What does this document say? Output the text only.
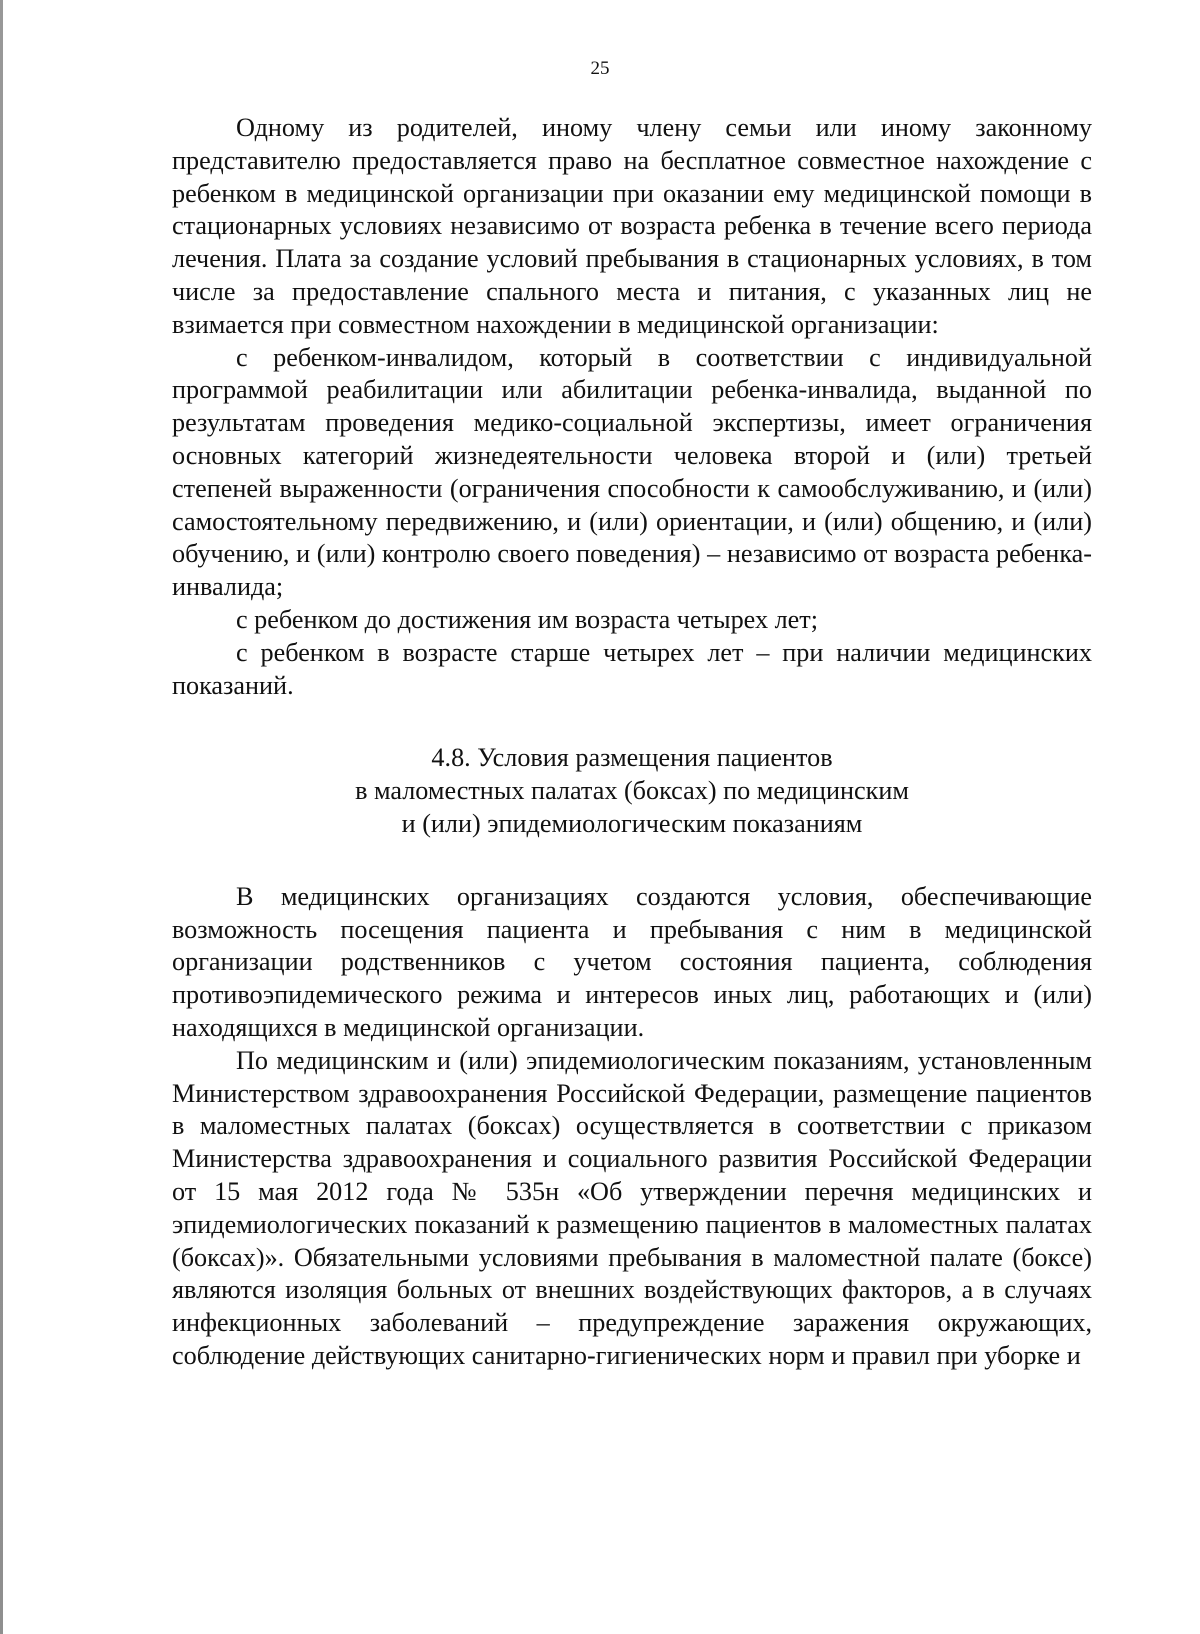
25

Одному из родителей, иному члену семьи или иному законному представителю предоставляется право на бесплатное совместное нахождение с ребенком в медицинской организации при оказании ему медицинской помощи в стационарных условиях независимо от возраста ребенка в течение всего периода лечения. Плата за создание условий пребывания в стационарных условиях, в том числе за предоставление спального места и питания, с указанных лиц не взимается при совместном нахождении в медицинской организации:

с ребенком-инвалидом, который в соответствии с индивидуальной программой реабилитации или абилитации ребенка-инвалида, выданной по результатам проведения медико-социальной экспертизы, имеет ограничения основных категорий жизнедеятельности человека второй и (или) третьей степеней выраженности (ограничения способности к самообслуживанию, и (или) самостоятельному передвижению, и (или) ориентации, и (или) общению, и (или) обучению, и (или) контролю своего поведения) – независимо от возраста ребенка-инвалида;

с ребенком до достижения им возраста четырех лет;

с ребенком в возрасте старше четырех лет – при наличии медицинских показаний.

4.8. Условия размещения пациентов
в маломестных палатах (боксах) по медицинским
и (или) эпидемиологическим показаниям

В медицинских организациях создаются условия, обеспечивающие возможность посещения пациента и пребывания с ним в медицинской организации родственников с учетом состояния пациента, соблюдения противоэпидемического режима и интересов иных лиц, работающих и (или) находящихся в медицинской организации.

По медицинским и (или) эпидемиологическим показаниям, установленным Министерством здравоохранения Российской Федерации, размещение пациентов в маломестных палатах (боксах) осуществляется в соответствии с приказом Министерства здравоохранения и социального развития Российской Федерации от 15 мая 2012 года № 535н «Об утверждении перечня медицинских и эпидемиологических показаний к размещению пациентов в маломестных палатах (боксах)». Обязательными условиями пребывания в маломестной палате (боксе) являются изоляция больных от внешних воздействующих факторов, а в случаях инфекционных заболеваний – предупреждение заражения окружающих, соблюдение действующих санитарно-гигиенических норм и правил при уборке и
